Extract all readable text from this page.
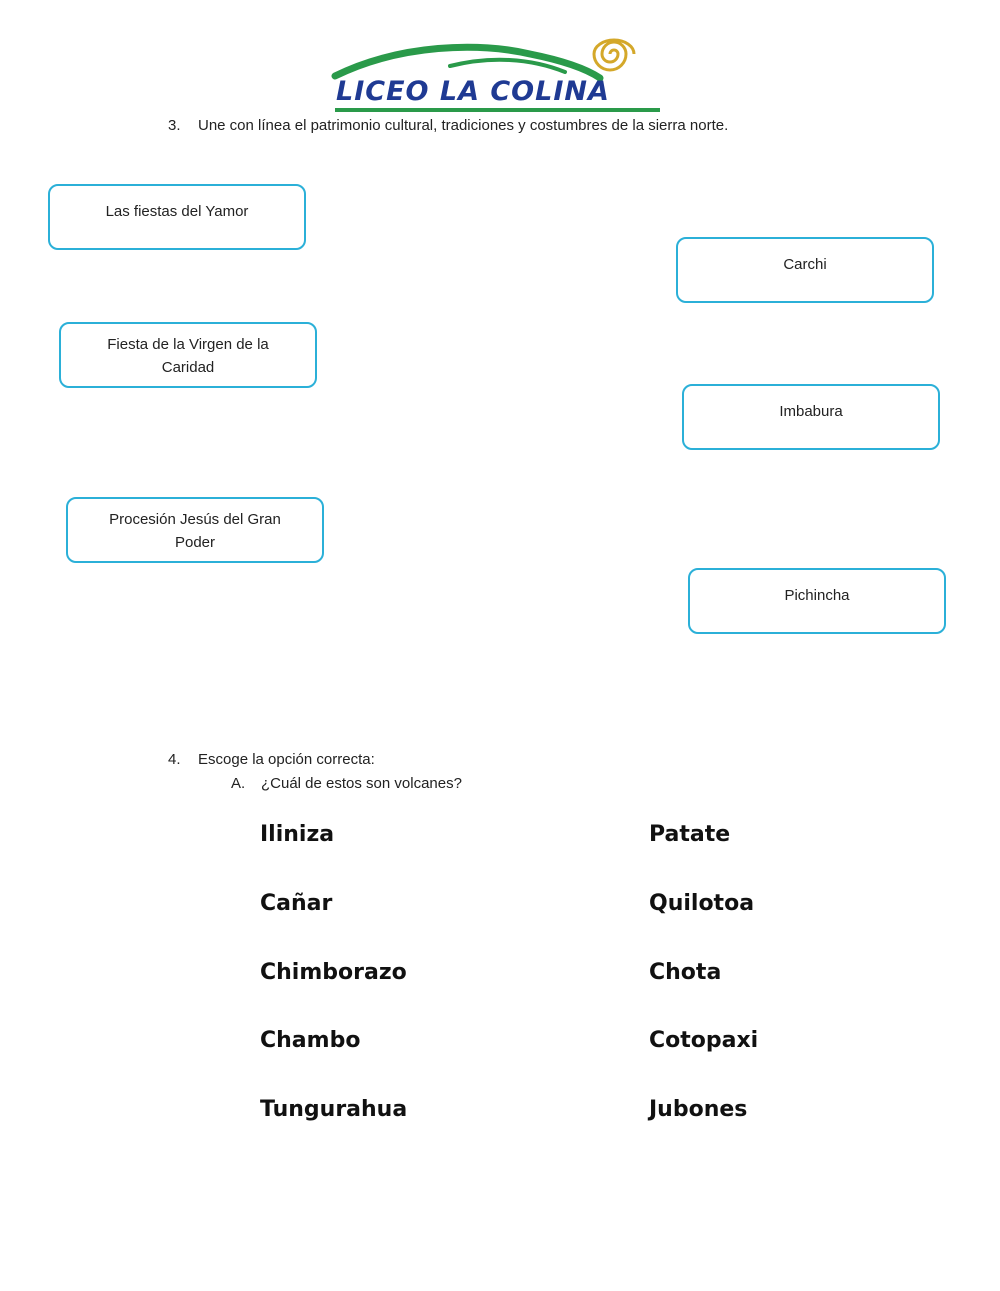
LICEO LA COLINA
3. Une con línea el patrimonio cultural, tradiciones y costumbres de la sierra norte.
Las fiestas del Yamor
Fiesta de la Virgen de la Caridad
Procesión Jesús del Gran Poder
Carchi
Imbabura
Pichincha
4. Escoge la opción correcta:
A. ¿Cuál de estos son volcanes?
Iliniza
Cañar
Chimborazo
Chambo
Tungurahua
Patate
Quilotoa
Chota
Cotopaxi
Jubones
